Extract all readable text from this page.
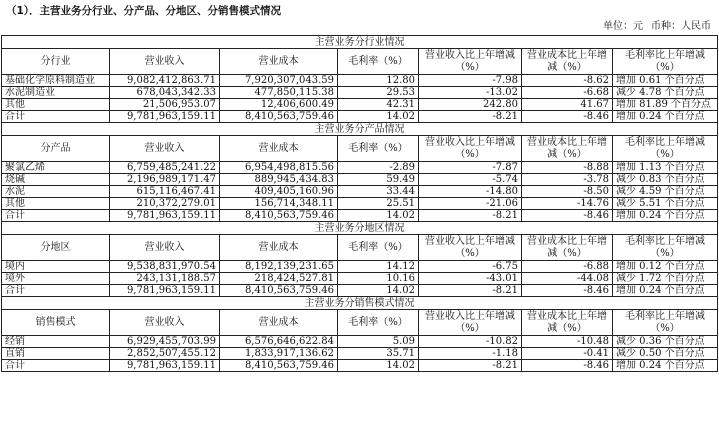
（1）．主营业务分行业、分产品、分地区、分销售模式情况
单位：元 币种：人民币
主营业务分行业情况						
分行业	营业收入	营业成本	毛利率（%）	营业收入比上年增减（%）	营业成本比上年增减（%）	毛利率比上年增减（%）
基础化学原料制造业	9,082,412,863.71	7,920,307,043.59	12.80	-7.98	-8.62	增加 0.61 个百分点
水泥制造业	678,043,342.33	477,850,115.38	29.53	-13.02	-6.68	减少 4.78 个百分点
其他	21,506,953.07	12,406,600.49	42.31	242.80	41.67	增加 81.89 个百分点
合计	9,781,963,159.11	8,410,563,759.46	14.02	-8.21	-8.46	增加 0.24 个百分点
主营业务分产品情况						
分产品	营业收入	营业成本	毛利率（%）	营业收入比上年增减（%）	营业成本比上年增减（%）	毛利率比上年增减（%）
聚氯乙烯	6,759,485,241.22	6,954,498,815.56	-2.89	-7.87	-8.88	增加 1.13 个百分点
烧碱	2,196,989,171.47	889,945,434.83	59.49	-5.74	-3.78	减少 0.83 个百分点
水泥	615,116,467.41	409,405,160.96	33.44	-14.80	-8.50	减少 4.59 个百分点
其他	210,372,279.01	156,714,348.11	25.51	-21.06	-14.76	减少 5.51 个百分点
合计	9,781,963,159.11	8,410,563,759.46	14.02	-8.21	-8.46	增加 0.24 个百分点
主营业务分地区情况						
分地区	营业收入	营业成本	毛利率（%）	营业收入比上年增减（%）	营业成本比上年增减（%）	毛利率比上年增减（%）
境内	9,538,831,970.54	8,192,139,231.65	14.12	-6.75	-6.88	增加 0.12 个百分点
境外	243,131,188.57	218,424,527.81	10.16	-43.01	-44.08	减少 1.72 个百分点
合计	9,781,963,159.11	8,410,563,759.46	14.02	-8.21	-8.46	增加 0.24 个百分点
主营业务分销售模式情况						
销售模式	营业收入	营业成本	毛利率（%）	营业收入比上年增减（%）	营业成本比上年增减（%）	毛利率比上年增减（%）
经销	6,929,455,703.99	6,576,646,622.84	5.09	-10.82	-10.48	减少 0.36 个百分点
直销	2,852,507,455.12	1,833,917,136.62	35.71	-1.18	-0.41	减少 0.50 个百分点
合计	9,781,963,159.11	8,410,563,759.46	14.02	-8.21	-8.46	增加 0.24 个百分点
